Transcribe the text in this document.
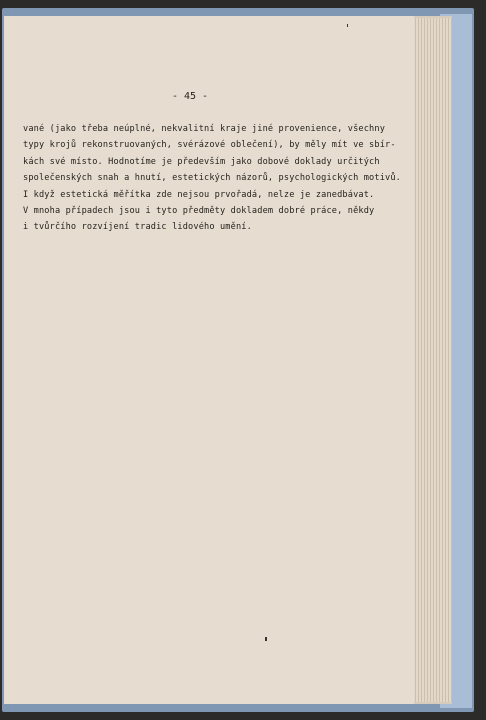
- 45 -
vané (jako třeba neúplné, nekvalitní kraje jiné provenience, všechny
typy krojů rekonstruovaných, svérázové oblečení), by měly mít ve sbír-
kách své místo. Hodnotíme je především jako dobové doklady určitých
společenských snah a hnutí, estetických názorů, psychologických motivů.
I když estetická měřítka zde nejsou prvořadá, nelze je zanedbávat.
V mnoha případech jsou i tyto předměty dokladem dobré práce, někdy
i tvůrčího rozvíjení tradic lidového umění.
